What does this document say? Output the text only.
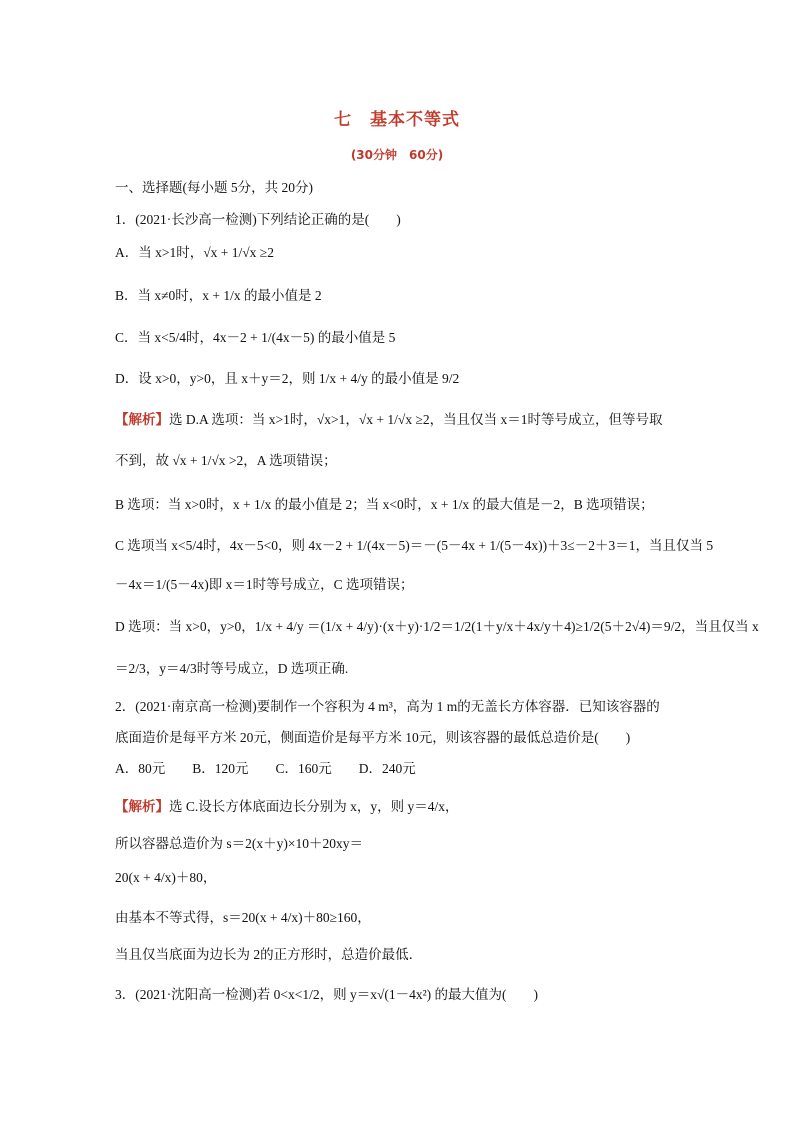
七　基本不等式
(30分钟　60分)
一、选择题(每小题 5分，共 20分)
1．(2021·长沙高一检测)下列结论正确的是(　　)
A．当 x>1时，√x + 1/√x ≥2
B．当 x≠0时，x + 1/x 的最小值是 2
C．当 x<5/4时，4x－2 + 1/(4x－5) 的最小值是 5
D．设 x>0，y>0，且 x＋y＝2，则 1/x + 4/y 的最小值是 9/2
【解析】选 D.A 选项：当 x>1时，√x>1，√x + 1/√x ≥2，当且仅当 x＝1时等号成立，但等号取
不到，故 √x + 1/√x >2，A 选项错误；
B 选项：当 x>0时，x + 1/x 的最小值是 2；当 x<0时，x + 1/x 的最大值是－2，B 选项错误；
C 选项当 x<5/4时，4x－5<0，则 4x－2 + 1/(4x－5)＝－(5－4x + 1/(5－4x))＋3≤－2＋3＝1，当且仅当 5
－4x＝1/(5－4x)即 x＝1时等号成立，C 选项错误；
D 选项：当 x>0，y>0，1/x + 4/y ＝(1/x + 4/y)·(x＋y)·1/2＝1/2(1＋y/x＋4x/y＋4)≥1/2(5＋2√4)＝9/2，当且仅当 x
＝2/3，y＝4/3时等号成立，D 选项正确.
2．(2021·南京高一检测)要制作一个容积为 4 m³，高为 1 m的无盖长方体容器．已知该容器的
底面造价是每平方米 20元，侧面造价是每平方米 10元，则该容器的最低总造价是(　　)
A．80元　　B．120元　　C．160元　　D．240元
【解析】选 C.设长方体底面边长分别为 x，y，则 y＝4/x，
所以容器总造价为 s＝2(x＋y)×10＋20xy＝
20(x + 4/x)＋80，
由基本不等式得，s＝20(x + 4/x)＋80≥160，
当且仅当底面为边长为 2的正方形时，总造价最低．
3．(2021·沈阳高一检测)若 0<x<1/2，则 y＝x√(1－4x²) 的最大值为(　　)
